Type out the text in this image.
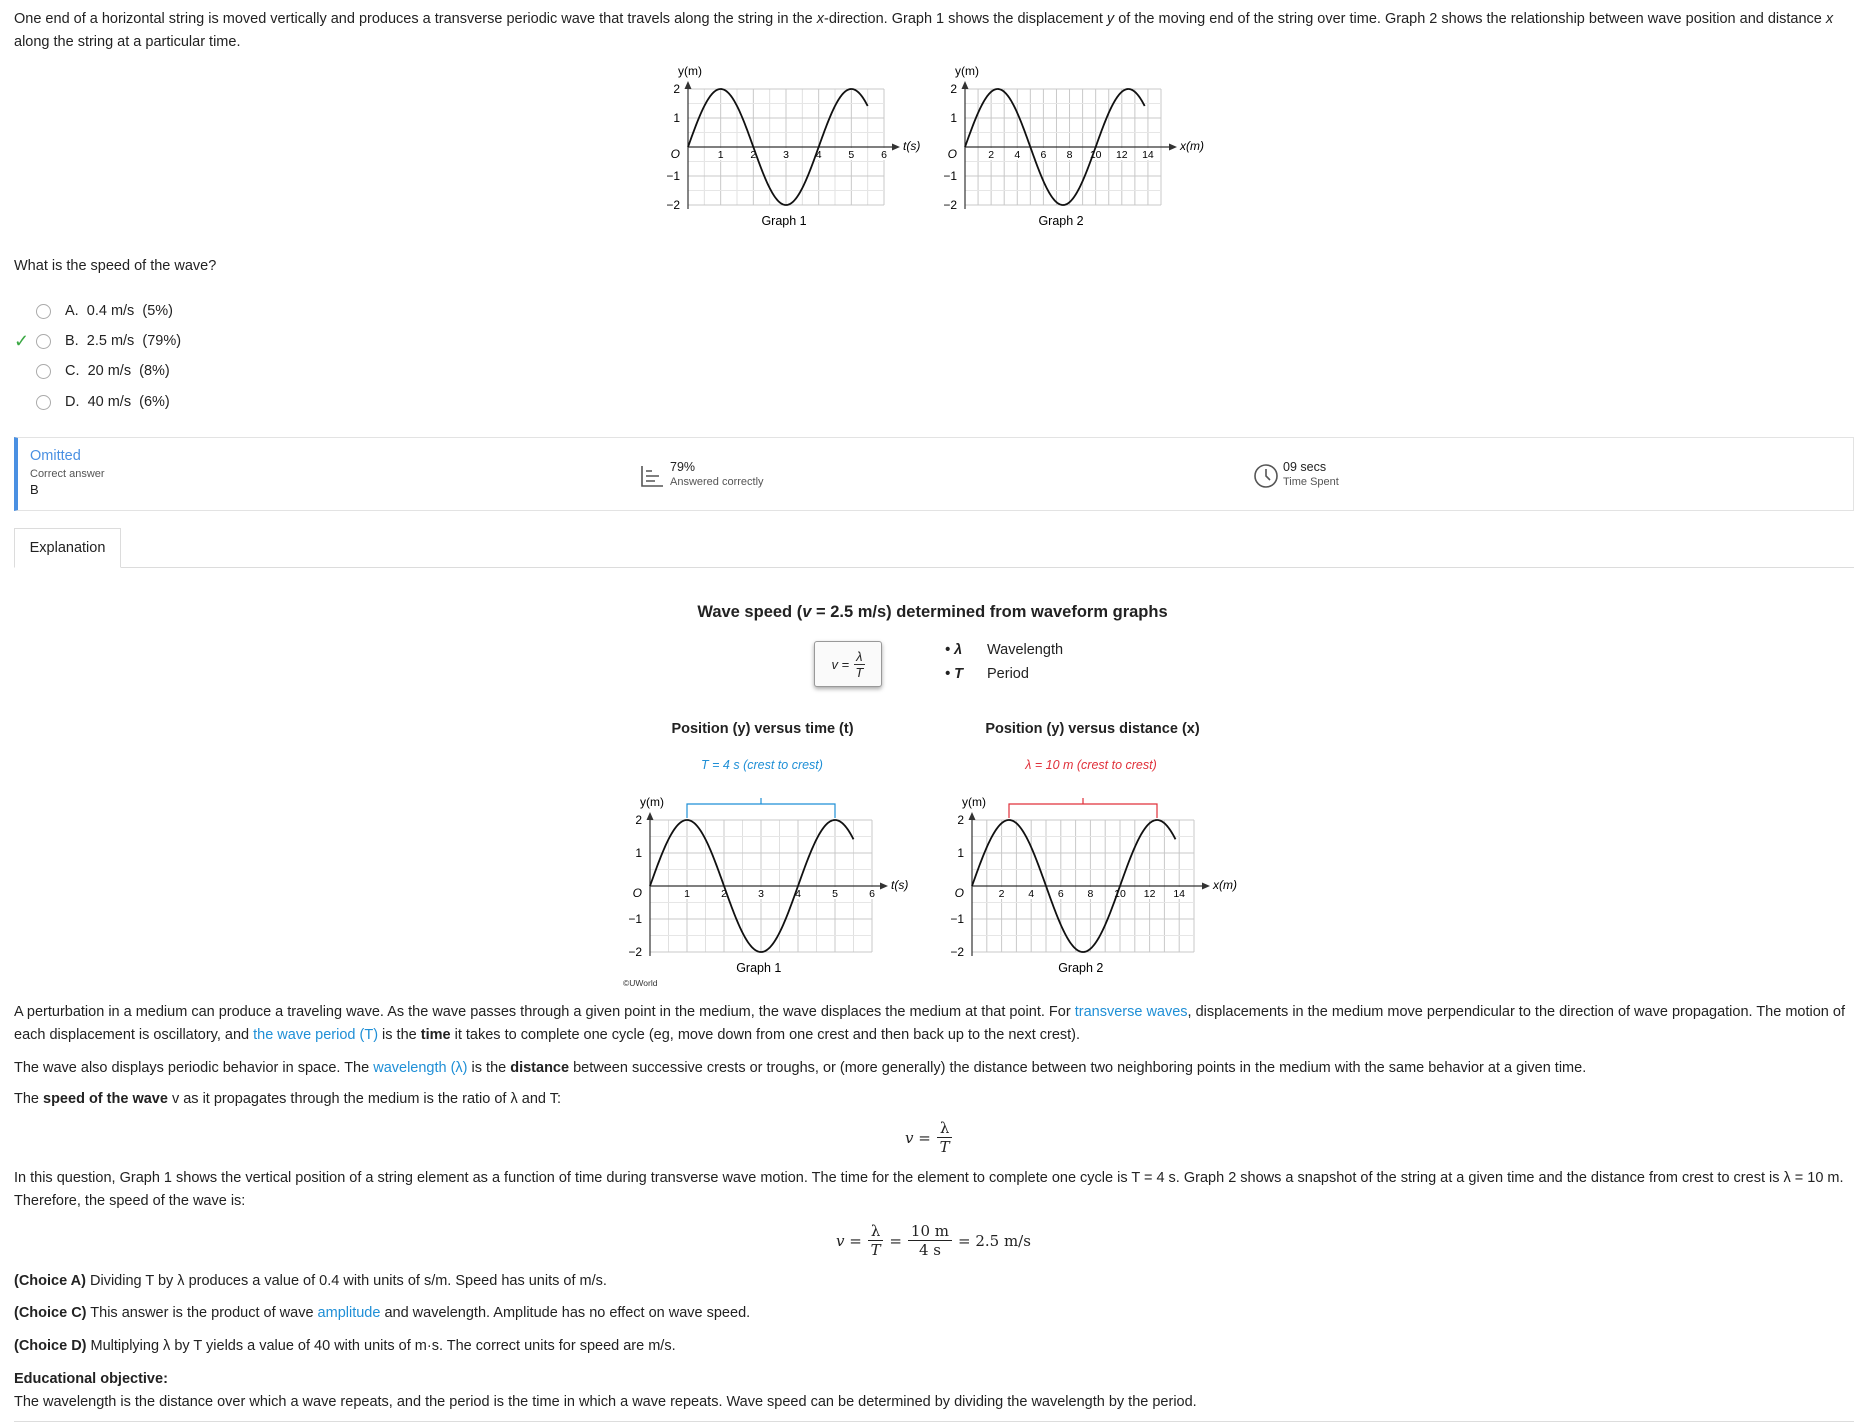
One end of a horizontal string is moved vertically and produces a transverse periodic wave that travels along the string in the x-direction. Graph 1 shows the displacement y of the moving end of the string over time. Graph 2 shows the relationship between wave position and distance x along the string at a particular time.
y(m)
2
1
−1
−2
O	1	2	3	4	5	6
t(s)
Graph 1
y(m)
2
1
−1
−2
O	2 4 6 8 10 12 14
x(m)
Graph 2
What is the speed of the wave?
A.
0.4 m/s
(5%)
✓	B.
2.5 m/s
(79%)
C.
20 m/s
(8%)
D.
40 m/s
(6%)
Omitted
Correct answer
B
79%
Answered correctly
09 secs
Time Spent
Explanation
Wave speed (v = 2.5 m/s) determined from waveform graphs
$v = \frac{\lambda}{T}$	• λ	Wavelength
• T	Period
Position (y) versus time (t)	Position (y) versus distance (x)
y(m)
2
1
−1
−2
O	1	2	3	4	5	6
t(s)
Graph 1
y(m)
2
1
−1
−2
O	2 4 6 8 10 12 14
x(m)
Graph 2
T = 4 s (crest to crest)	λ = 10 m (crest to crest)
©UWorld
A perturbation in a medium can produce a traveling wave. As the wave passes through a given point in the medium, the wave displaces the medium at that point. For transverse waves, displacements in the medium move perpendicular to the direction of wave propagation. The motion of each displacement is oscillatory, and the wave period (T) is the time it takes to complete one cycle (eg, move down from one crest and then back up to the next crest).
The wave also displays periodic behavior in space. The wavelength (λ) is the distance between successive crests or troughs, or (more generally) the distance between two neighboring points in the medium with the same behavior at a given time.
The speed of the wave v as it propagates through the medium is the ratio of λ and T:
$v = \frac{\lambda}{T}$
In this question, Graph 1 shows the vertical position of a string element as a function of time during transverse wave motion. The time for the element to complete one cycle is T = 4 s. Graph 2 shows a snapshot of the string at a given time and the distance from crest to crest is λ = 10 m. Therefore, the speed of the wave is:
$v = \frac{\lambda}{T} = \frac{10 m}{4 s} = 2.5$ m/s
(Choice A) Dividing T by λ produces a value of 0.4 with units of s/m. Speed has units of m/s.
(Choice C) This answer is the product of wave amplitude and wavelength. Amplitude has no effect on wave speed.
(Choice D) Multiplying λ by T yields a value of 40 with units of m·s. The correct units for speed are m/s.
Educational objective:
The wavelength is the distance over which a wave repeats, and the period is the time in which a wave repeats. Wave speed can be determined by dividing the wavelength by the period.
